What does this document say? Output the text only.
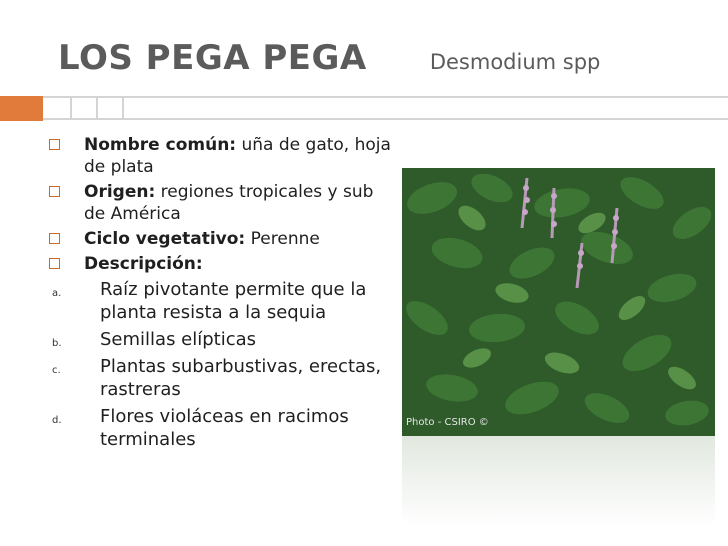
LOS PEGA PEGA	Desmodium spp
Nombre común: uña de gato, hoja de plata
Origen: regiones tropicales y sub de América
Ciclo vegetativo: Perenne
Descripción:
a. Raíz pivotante permite que la planta resista a la sequia
b. Semillas elípticas
c. Plantas subarbustivas, erectas, rastreras
d. Flores violáceas en racimos terminales
Photo - CSIRO ©
